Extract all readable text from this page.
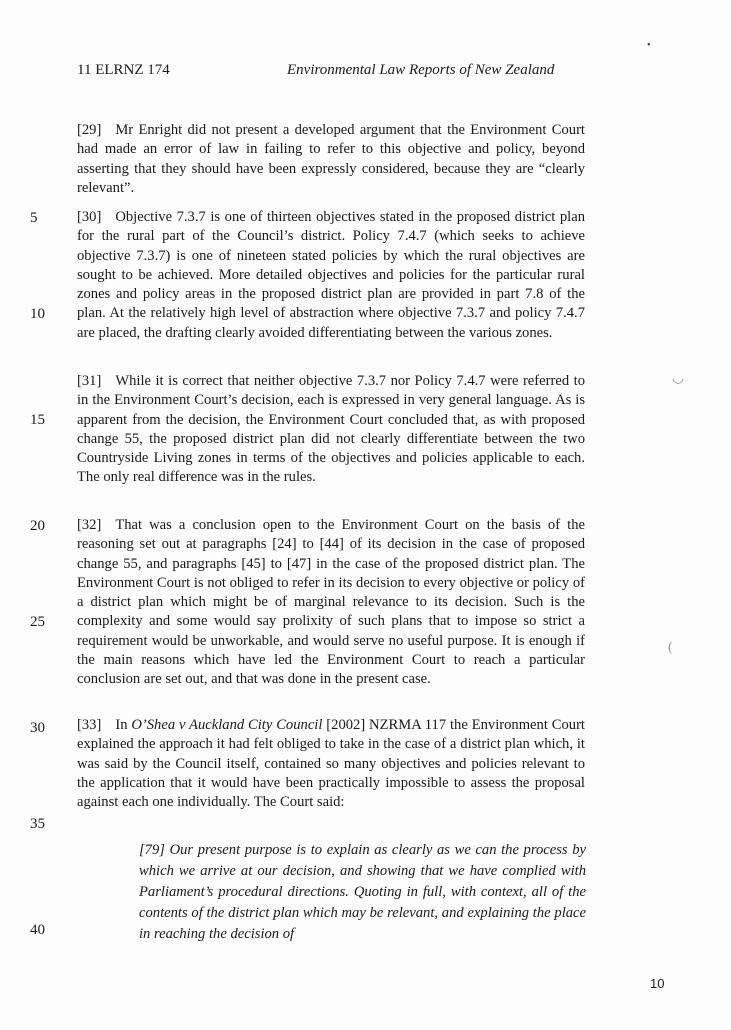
11 ELRNZ 174	Environmental Law Reports of New Zealand
[29] Mr Enright did not present a developed argument that the Environment Court had made an error of law in failing to refer to this objective and policy, beyond asserting that they should have been expressly considered, because they are “clearly relevant”.
[30] Objective 7.3.7 is one of thirteen objectives stated in the proposed district plan for the rural part of the Council’s district. Policy 7.4.7 (which seeks to achieve objective 7.3.7) is one of nineteen stated policies by which the rural objectives are sought to be achieved. More detailed objectives and policies for the particular rural zones and policy areas in the proposed district plan are provided in part 7.8 of the plan. At the relatively high level of abstraction where objective 7.3.7 and policy 7.4.7 are placed, the drafting clearly avoided differentiating between the various zones.
[31] While it is correct that neither objective 7.3.7 nor Policy 7.4.7 were referred to in the Environment Court’s decision, each is expressed in very general language. As is apparent from the decision, the Environment Court concluded that, as with proposed change 55, the proposed district plan did not clearly differentiate between the two Countryside Living zones in terms of the objectives and policies applicable to each. The only real difference was in the rules.
[32] That was a conclusion open to the Environment Court on the basis of the reasoning set out at paragraphs [24] to [44] of its decision in the case of proposed change 55, and paragraphs [45] to [47] in the case of the proposed district plan. The Environment Court is not obliged to refer in its decision to every objective or policy of a district plan which might be of marginal relevance to its decision. Such is the complexity and some would say prolixity of such plans that to impose so strict a requirement would be unworkable, and would serve no useful purpose. It is enough if the main reasons which have led the Environment Court to reach a particular conclusion are set out, and that was done in the present case.
[33] In O’Shea v Auckland City Council [2002] NZRMA 117 the Environment Court explained the approach it had felt obliged to take in the case of a district plan which, it was said by the Council itself, contained so many objectives and policies relevant to the application that it would have been practically impossible to assess the proposal against each one individually. The Court said:
[79] Our present purpose is to explain as clearly as we can the process by which we arrive at our decision, and showing that we have complied with Parliament’s procedural directions. Quoting in full, with context, all of the contents of the district plan which may be relevant, and explaining the place in reaching the decision of
5
10
15
20
25
30
35
40
10
•
◡
(
